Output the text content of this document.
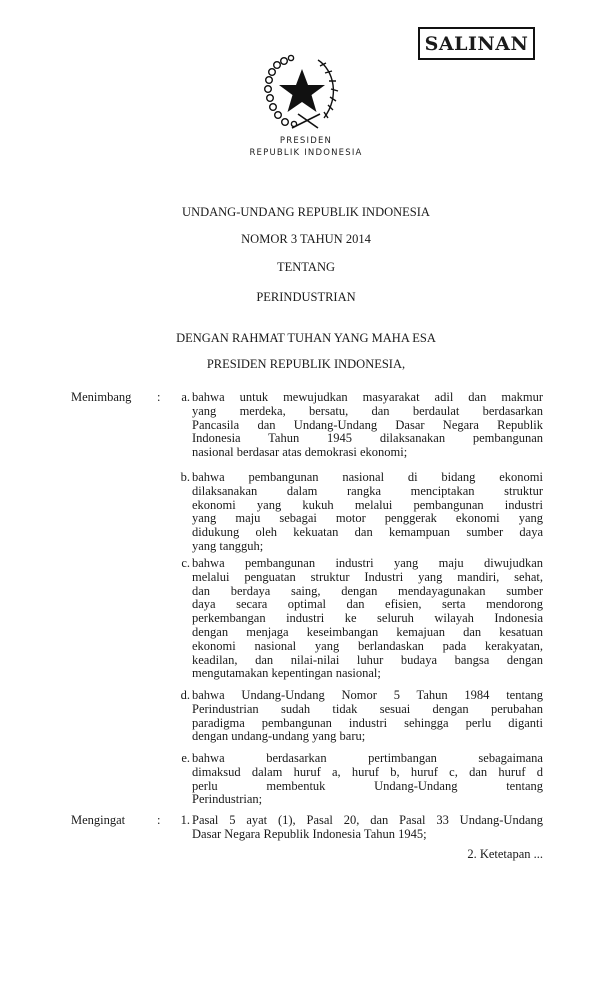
SALINAN
PRESIDEN
REPUBLIK INDONESIA
UNDANG-UNDANG REPUBLIK INDONESIA
NOMOR 3 TAHUN 2014
TENTANG
PERINDUSTRIAN
DENGAN RAHMAT TUHAN YANG MAHA ESA
PRESIDEN REPUBLIK INDONESIA,
Menimbang :
Mengingat	:
a. bahwa untuk mewujudkan masyarakat adil dan makmur
yang merdeka, bersatu, dan berdaulat berdasarkan
Pancasila dan Undang-Undang Dasar Negara Republik
Indonesia Tahun 1945 dilaksanakan pembangunan
nasional berdasar atas demokrasi ekonomi;
b. bahwa pembangunan nasional di bidang ekonomi
dilaksanakan dalam rangka menciptakan struktur
ekonomi yang kukuh melalui pembangunan industri
yang maju sebagai motor penggerak ekonomi yang
didukung oleh kekuatan dan kemampuan sumber daya
yang tangguh;
c. bahwa pembangunan industri yang maju diwujudkan
melalui penguatan struktur Industri yang mandiri, sehat,
dan berdaya saing, dengan mendayagunakan sumber
daya secara optimal dan efisien, serta mendorong
perkembangan industri ke seluruh wilayah Indonesia
dengan menjaga keseimbangan kemajuan dan kesatuan
ekonomi nasional yang berlandaskan pada kerakyatan,
keadilan, dan nilai-nilai luhur budaya bangsa dengan
mengutamakan kepentingan nasional;
d. bahwa Undang-Undang Nomor 5 Tahun 1984 tentang
Perindustrian sudah tidak sesuai dengan perubahan
paradigma pembangunan industri sehingga perlu diganti
dengan undang-undang yang baru;
e. bahwa berdasarkan pertimbangan sebagaimana
dimaksud dalam huruf a, huruf b, huruf c, dan huruf d
perlu membentuk Undang-Undang tentang
Perindustrian;
1. Pasal 5 ayat (1), Pasal 20, dan Pasal 33 Undang-Undang
Dasar Negara Republik Indonesia Tahun 1945;
2. Ketetapan ...
